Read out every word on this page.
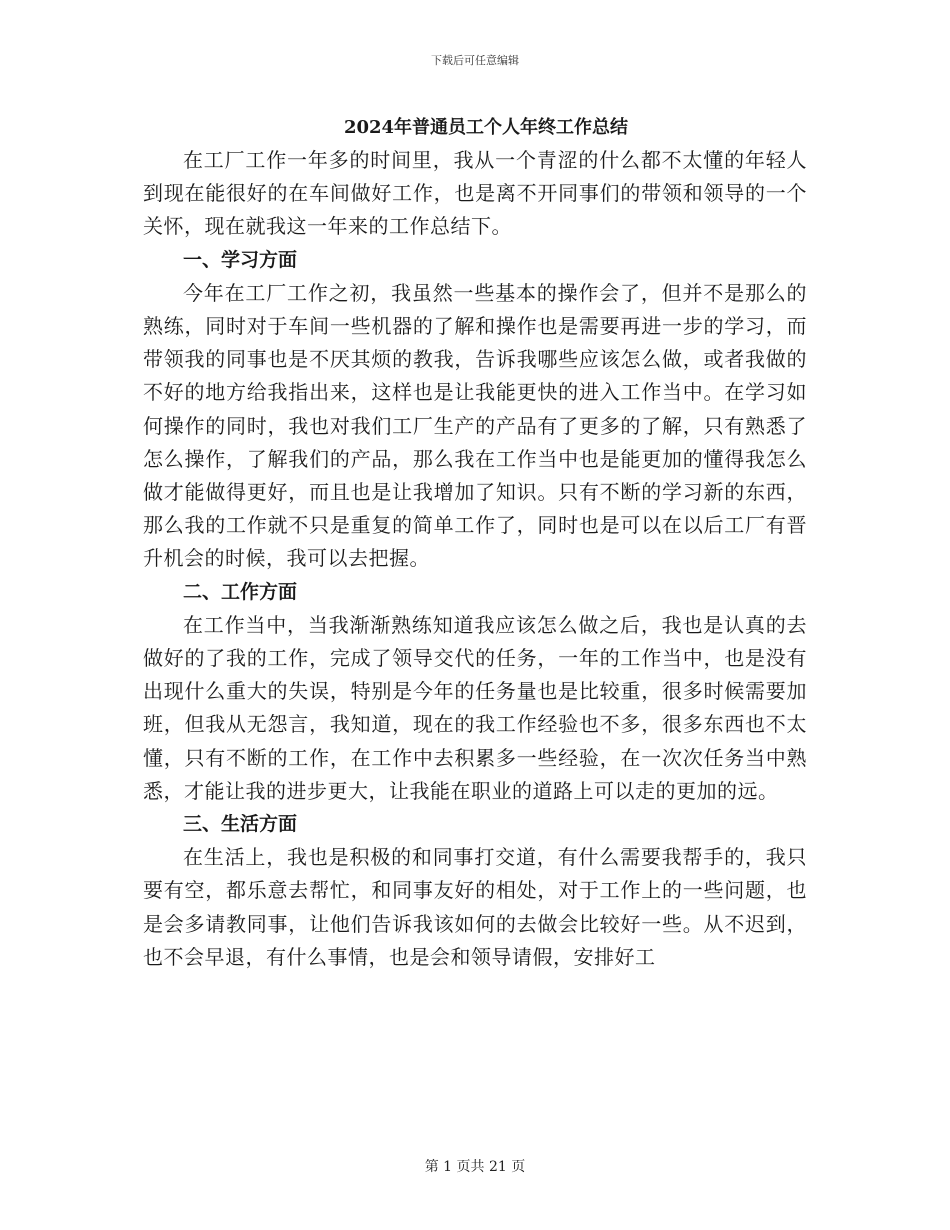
下载后可任意编辑
2024年普通员工个人年终工作总结

在工厂工作一年多的时间里，我从一个青涩的什么都不太懂的年轻人到现在能很好的在车间做好工作，也是离不开同事们的带领和领导的一个关怀，现在就我这一年来的工作总结下。

一、学习方面

今年在工厂工作之初，我虽然一些基本的操作会了，但并不是那么的熟练，同时对于车间一些机器的了解和操作也是需要再进一步的学习，而带领我的同事也是不厌其烦的教我，告诉我哪些应该怎么做，或者我做的不好的地方给我指出来，这样也是让我能更快的进入工作当中。在学习如何操作的同时，我也对我们工厂生产的产品有了更多的了解，只有熟悉了怎么操作，了解我们的产品，那么我在工作当中也是能更加的懂得我怎么做才能做得更好，而且也是让我增加了知识。只有不断的学习新的东西，那么我的工作就不只是重复的简单工作了，同时也是可以在以后工厂有晋升机会的时候，我可以去把握。

二、工作方面

在工作当中，当我渐渐熟练知道我应该怎么做之后，我也是认真的去做好的了我的工作，完成了领导交代的任务，一年的工作当中，也是没有出现什么重大的失误，特别是今年的任务量也是比较重，很多时候需要加班，但我从无怨言，我知道，现在的我工作经验也不多，很多东西也不太懂，只有不断的工作，在工作中去积累多一些经验，在一次次任务当中熟悉，才能让我的进步更大，让我能在职业的道路上可以走的更加的远。

三、生活方面

在生活上，我也是积极的和同事打交道，有什么需要我帮手的，我只要有空，都乐意去帮忙，和同事友好的相处，对于工作上的一些问题，也是会多请教同事，让他们告诉我该如何的去做会比较好一些。从不迟到，也不会早退，有什么事情，也是会和领导请假，安排好工

第 1 页共 21 页
